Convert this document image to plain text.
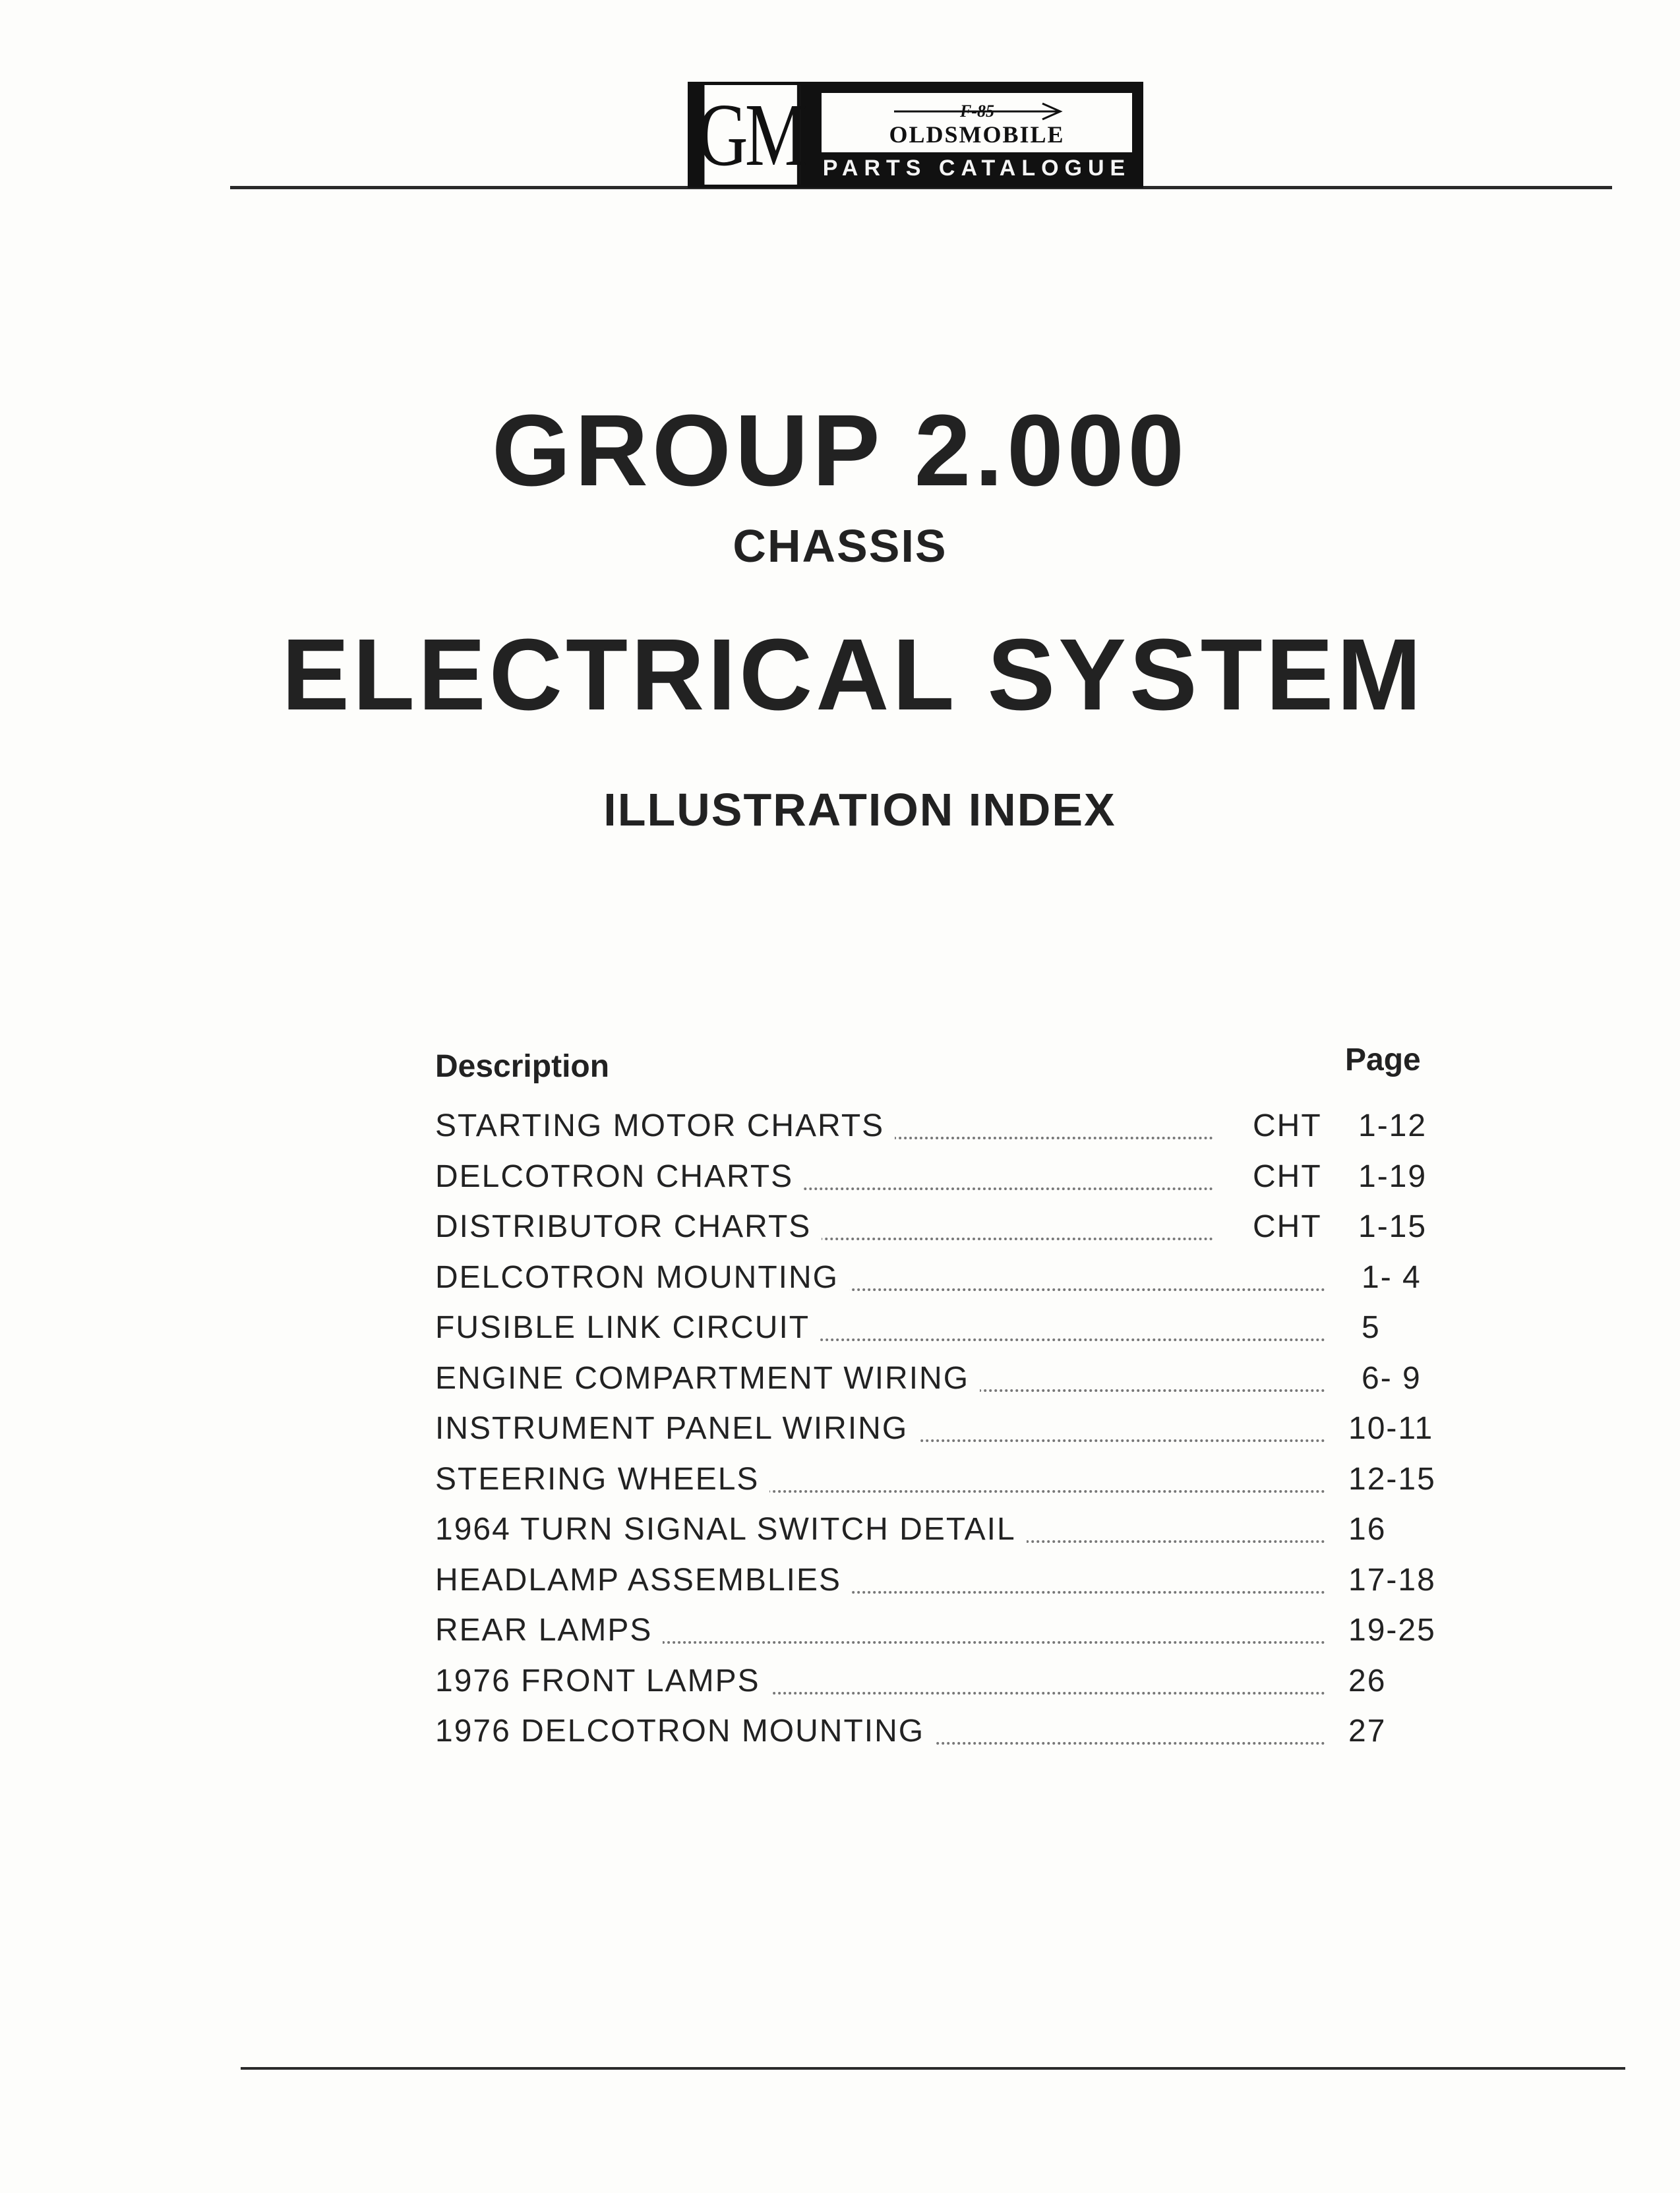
GM	F-85
OLDSMOBILE
PARTS CATALOGUE
GROUP 2.000
CHASSIS
ELECTRICAL SYSTEM
ILLUSTRATION INDEX
Description	Page
STARTING MOTOR CHARTS	CHT 1-12
DELCOTRON CHARTS	CHT 1-19
DISTRIBUTOR CHARTS	CHT 1-15
DELCOTRON MOUNTING	1- 4
FUSIBLE LINK CIRCUIT	5
ENGINE COMPARTMENT WIRING	6- 9
INSTRUMENT PANEL WIRING	10-11
STEERING WHEELS	12-15
1964 TURN SIGNAL SWITCH DETAIL	16
HEADLAMP ASSEMBLIES	17-18
REAR LAMPS	19-25
1976 FRONT LAMPS	26
1976 DELCOTRON MOUNTING	27
